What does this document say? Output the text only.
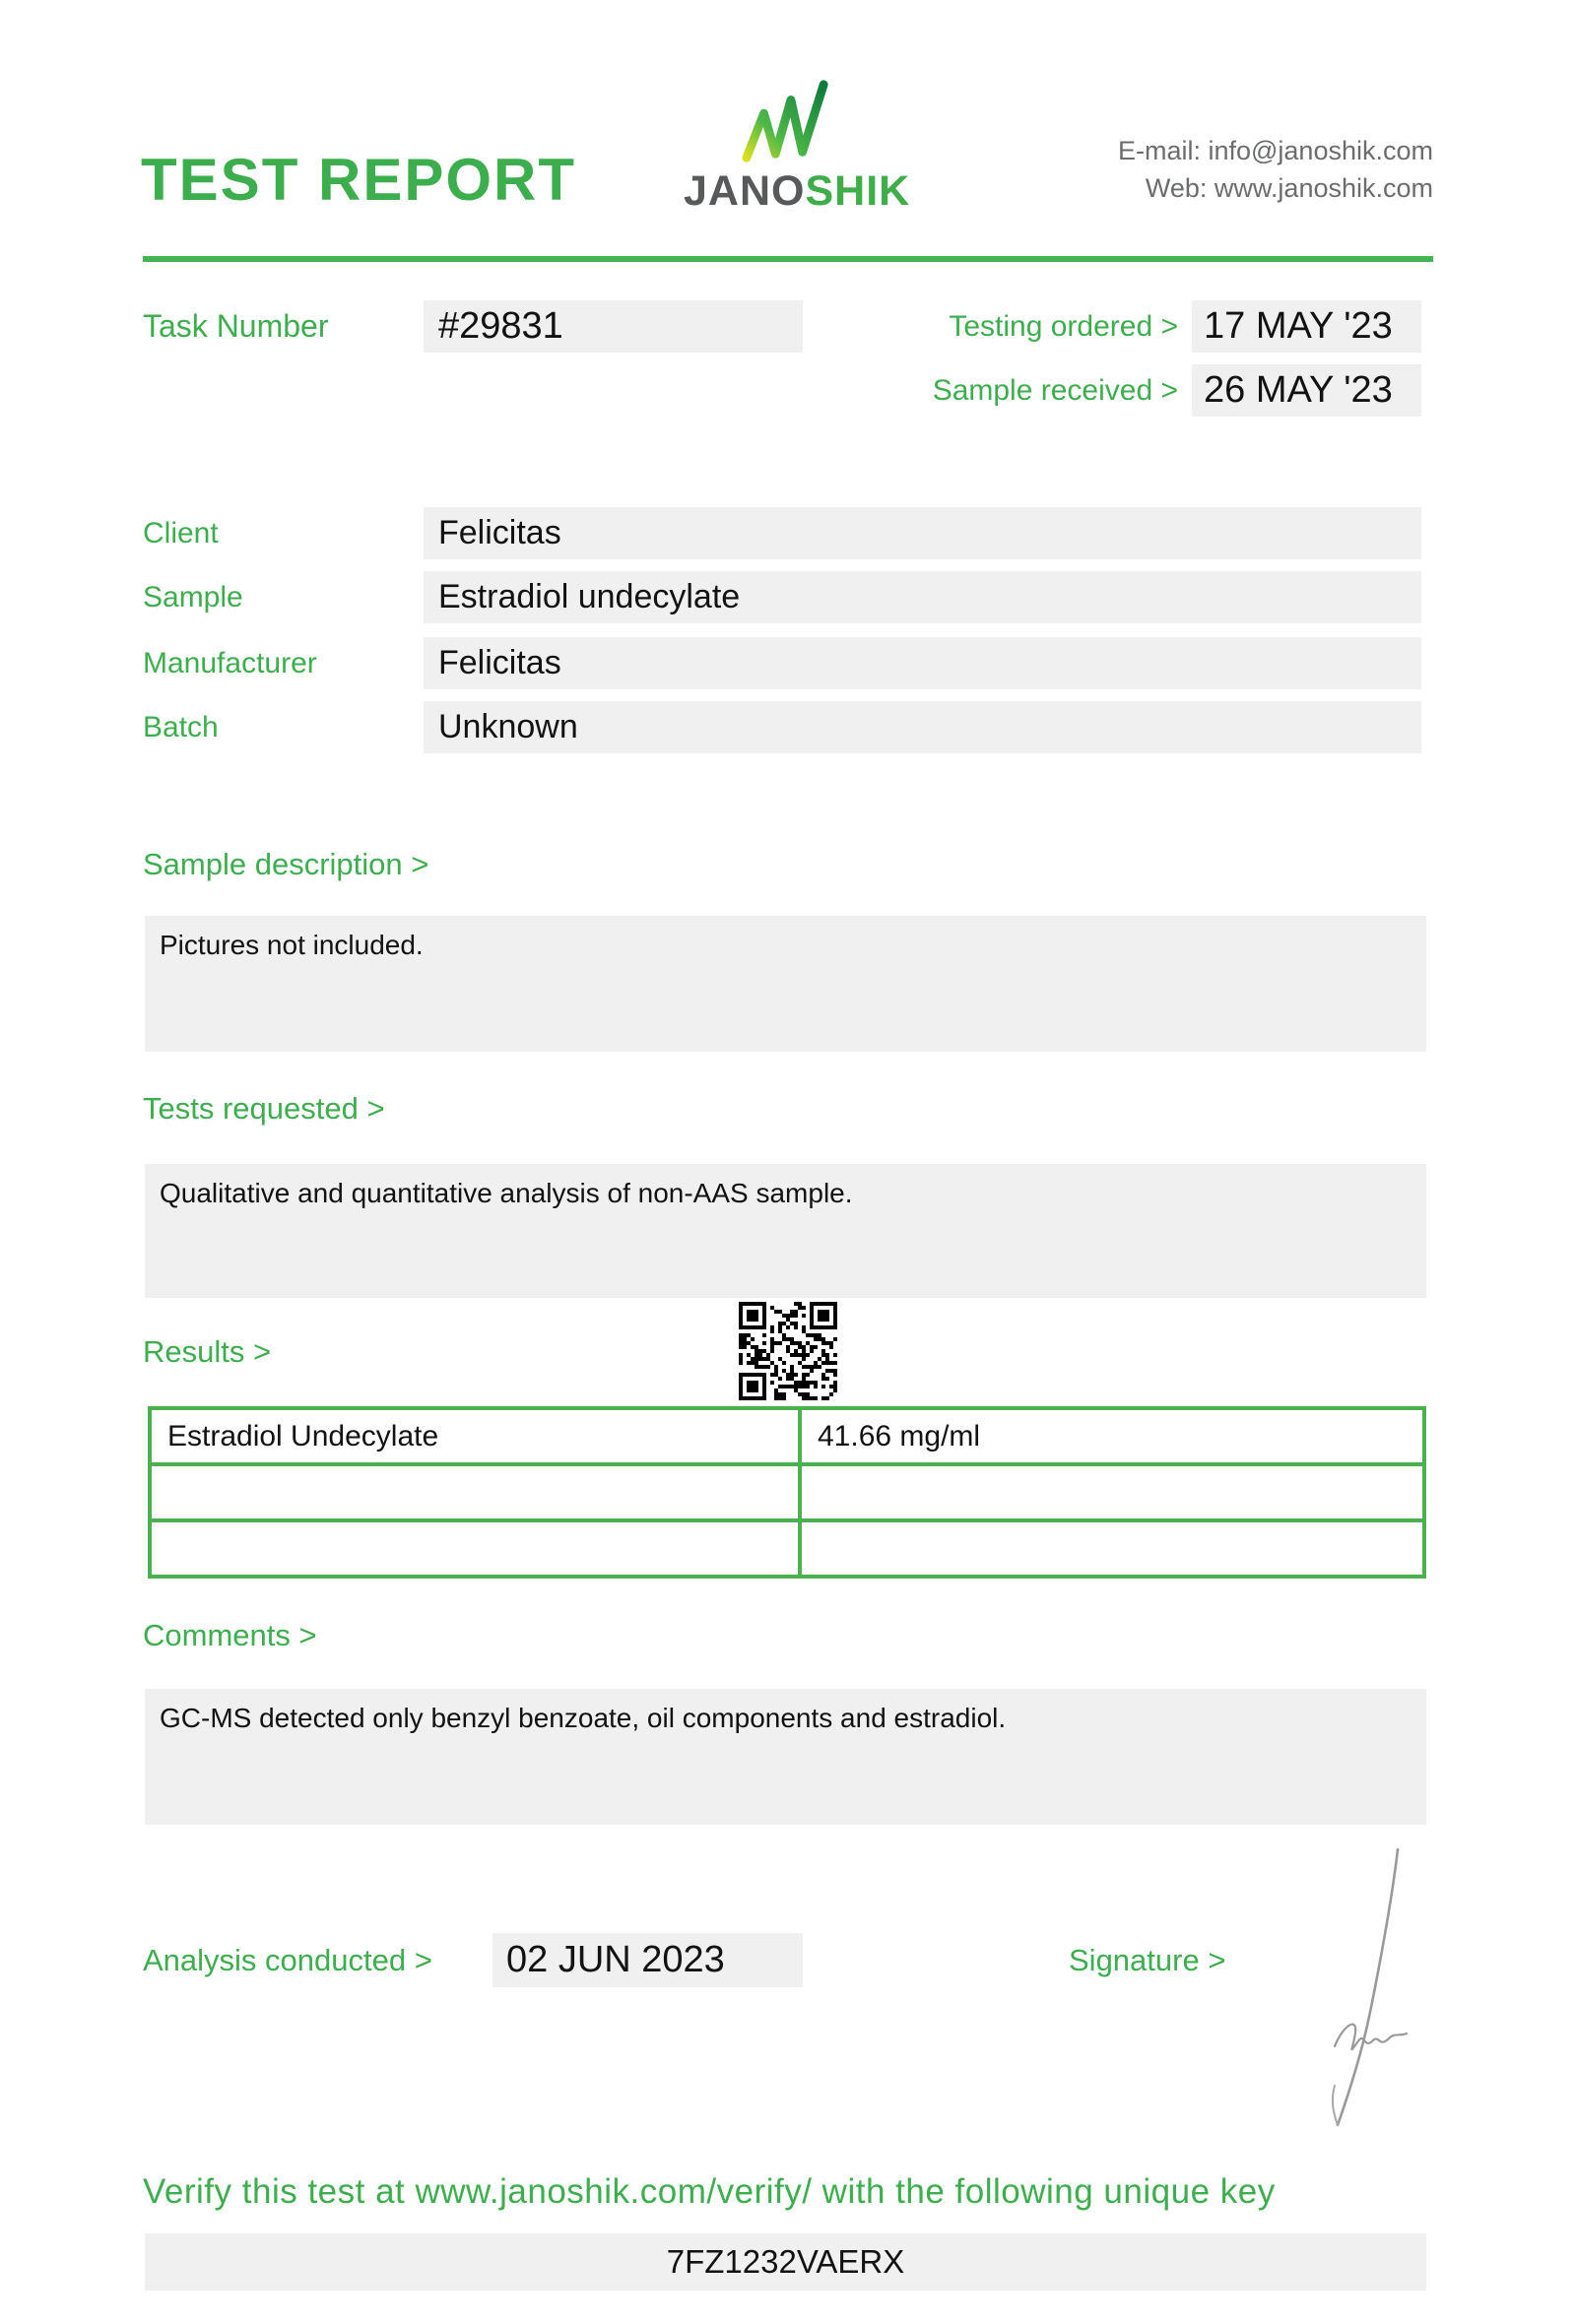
TEST REPORT	JANOSHIK
E-mail: info@janoshik.com
Web: www.janoshik.com
Task Number	#29831	Testing ordered > 17 MAY '23
Sample received > 26 MAY '23
Client	Felicitas
Sample	Estradiol undecylate
Manufacturer	Felicitas
Batch	Unknown
Sample description >
Pictures not included.
Tests requested >
Qualitative and quantitative analysis of non-AAS sample.
Results >
Estradiol Undecylate	41.66 mg/ml
Comments >
GC-MS detected only benzyl benzoate, oil components and estradiol.
Analysis conducted >	02 JUN 2023	Signature >
Verify this test at www.janoshik.com/verify/ with the following unique key
7FZ1232VAERX
